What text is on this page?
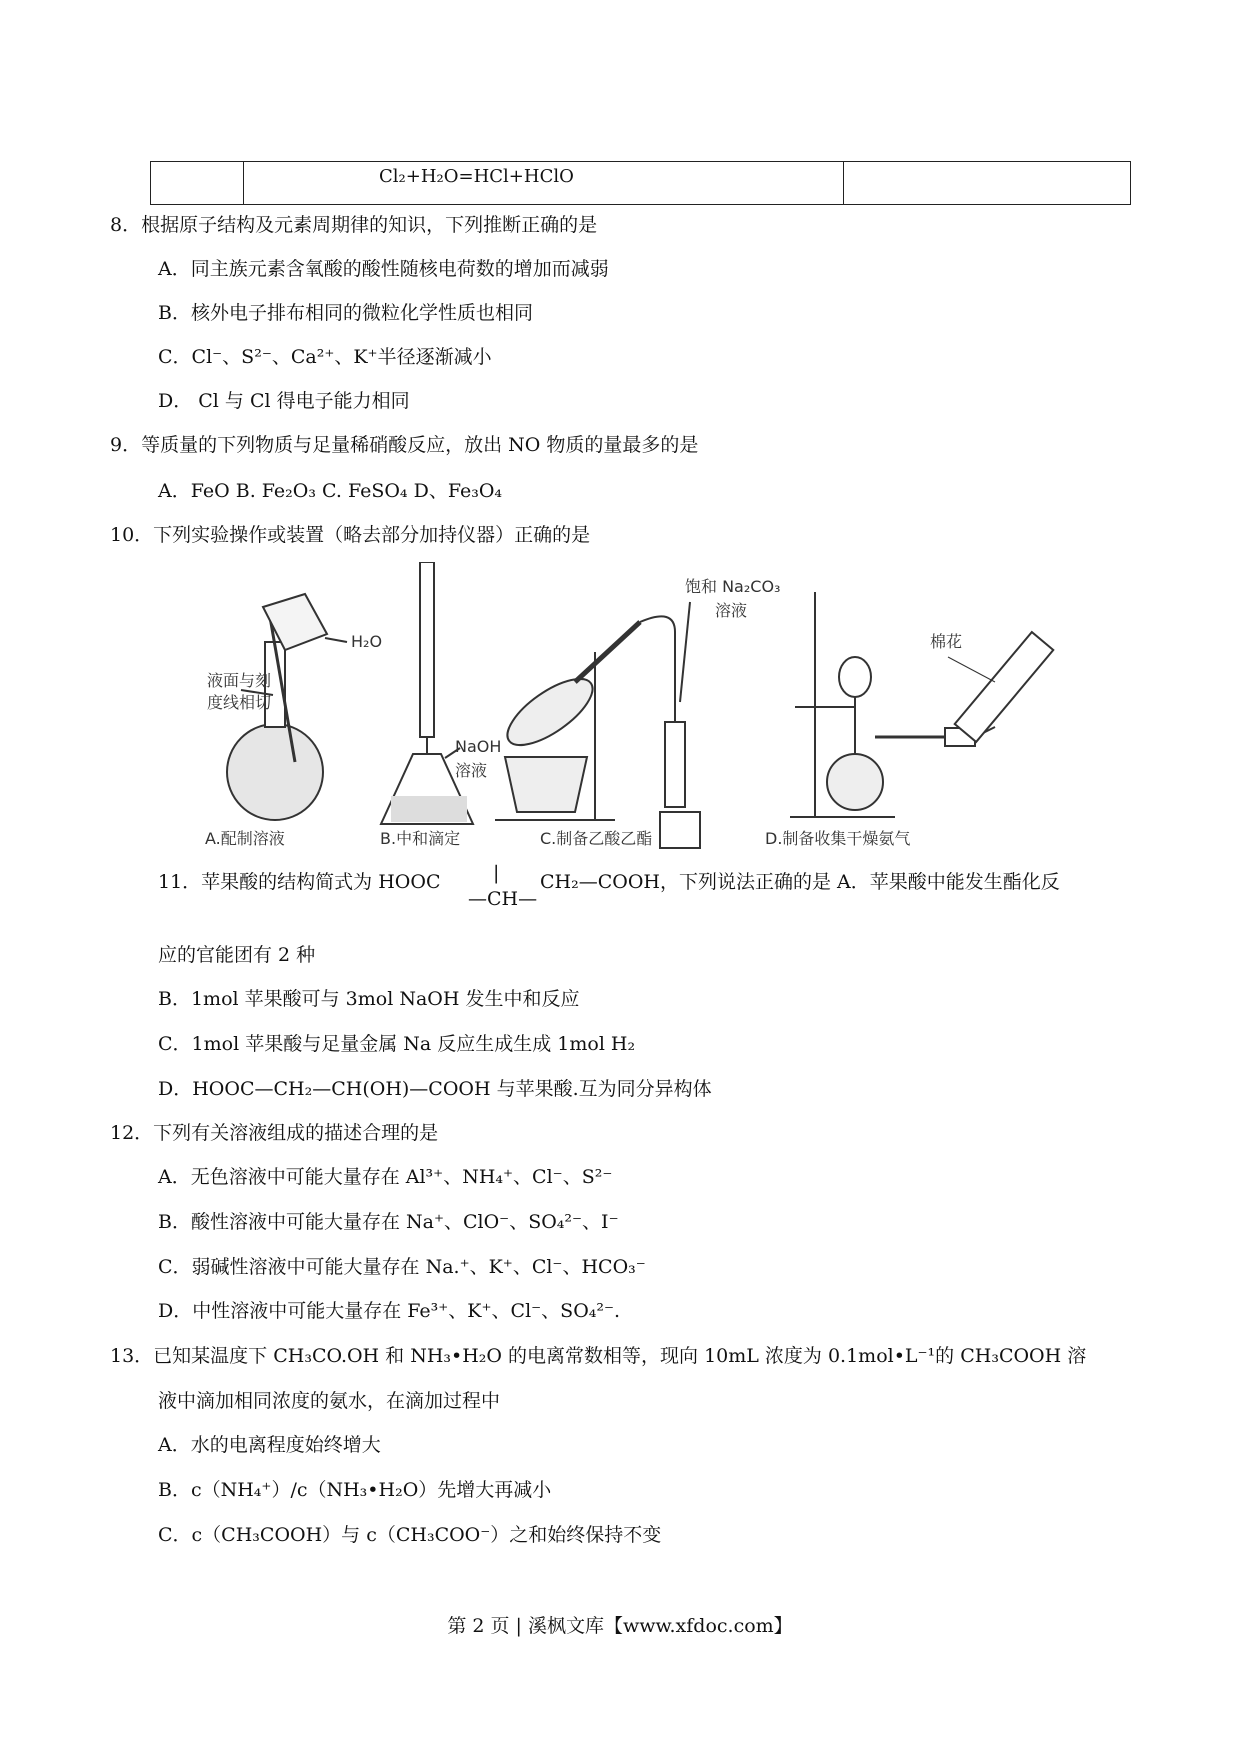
	Cl₂+H₂O=HCl+HClO	
8．根据原子结构及元素周期律的知识，下列推断正确的是
A．同主族元素含氧酸的酸性随核电荷数的增加而减弱
B．核外电子排布相同的微粒化学性质也相同
C．Cl⁻、S²⁻、Ca²⁺、K⁺半径逐渐减小
D． Cl 与 Cl 得电子能力相同
9．等质量的下列物质与足量稀硝酸反应，放出 NO 物质的量最多的是
A．FeO B. Fe₂O₃ C. FeSO₄ D、Fe₃O₄
10．下列实验操作或装置（略去部分加持仪器）正确的是
液面与刻
度线相切
H₂O
NaOH
溶液
饱和 Na₂CO₃
溶液
棉花
A.配制溶液	B.中和滴定	C.制备乙酸乙酯	D.制备收集干燥氨气
11．苹果酸的结构简式为 HOOC	| CH₂—COOH，下列说法正确的是 A．苹果酸中能发生酯化反
—CH—
应的官能团有 2 种
B．1mol 苹果酸可与 3mol NaOH 发生中和反应
C．1mol 苹果酸与足量金属 Na 反应生成生成 1mol H₂
D．HOOC—CH₂—CH(OH)—COOH 与苹果酸.互为同分异构体
12．下列有关溶液组成的描述合理的是
A．无色溶液中可能大量存在 Al³⁺、NH₄⁺、Cl⁻、S²⁻
B．酸性溶液中可能大量存在 Na⁺、ClO⁻、SO₄²⁻、I⁻
C．弱碱性溶液中可能大量存在 Na.⁺、K⁺、Cl⁻、HCO₃⁻
D．中性溶液中可能大量存在 Fe³⁺、K⁺、Cl⁻、SO₄²⁻.
13．已知某温度下 CH₃CO.OH 和 NH₃•H₂O 的电离常数相等，现向 10mL 浓度为 0.1mol•L⁻¹的 CH₃COOH 溶
液中滴加相同浓度的氨水，在滴加过程中
A．水的电离程度始终增大
B．c（NH₄⁺）/c（NH₃•H₂O）先增大再减小
C．c（CH₃COOH）与 c（CH₃COO⁻）之和始终保持不变
第 2 页 | 溪枫文库【www.xfdoc.com】
